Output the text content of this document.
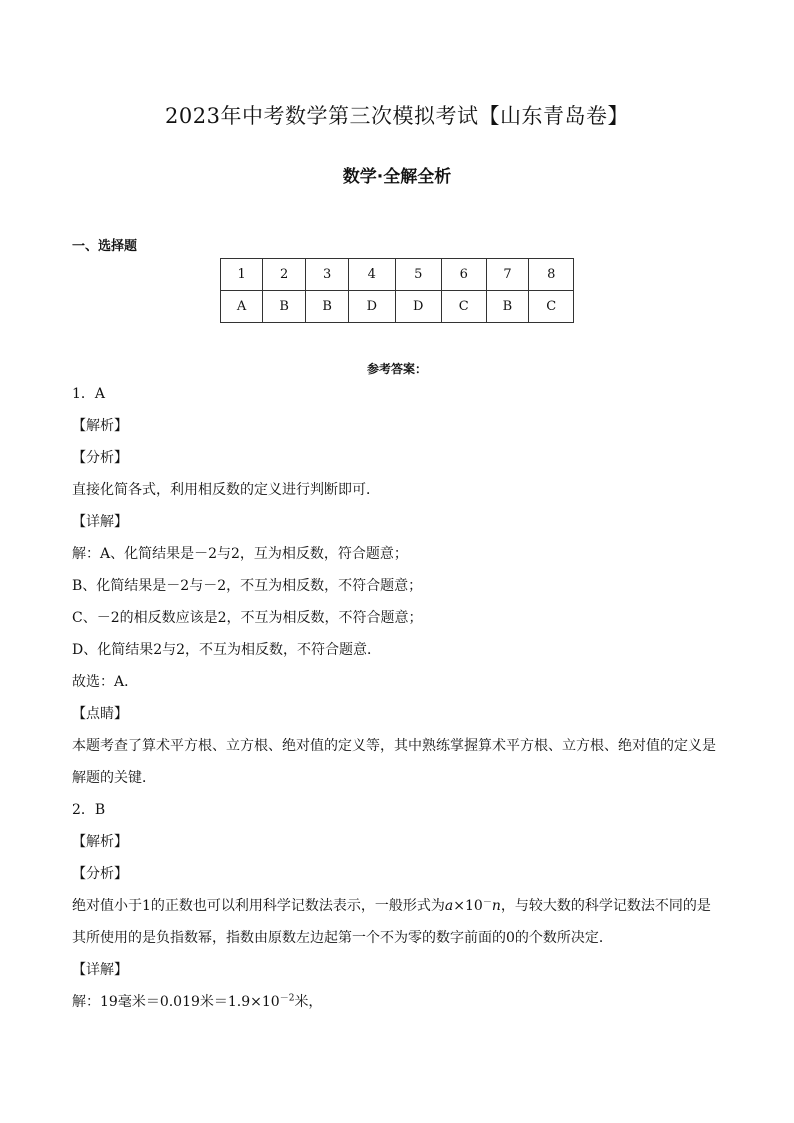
2023年中考数学第三次模拟考试【山东青岛卷】
数学·全解全析
一、选择题
1	2	3	4	5	6	7	8
A	B	B	D	D	C	B	C
参考答案：
1．A
【解析】
【分析】
直接化简各式，利用相反数的定义进行判断即可．
【详解】
解：A、化简结果是－2与2，互为相反数，符合题意；
B、化简结果是－2与－2，不互为相反数，不符合题意；
C、－2的相反数应该是2，不互为相反数，不符合题意；
D、化简结果2与2，不互为相反数，不符合题意．
故选：A．
【点睛】
本题考查了算术平方根、立方根、绝对值的定义等，其中熟练掌握算术平方根、立方根、绝对值的定义是解题的关键．
2．B
【解析】
【分析】
绝对值小于1的正数也可以利用科学记数法表示，一般形式为a×10－n，与较大数的科学记数法不同的是其所使用的是负指数幂，指数由原数左边起第一个不为零的数字前面的0的个数所决定．
【详解】
解：19毫米＝0.019米$=1.9\times 10^{-2}$米，
